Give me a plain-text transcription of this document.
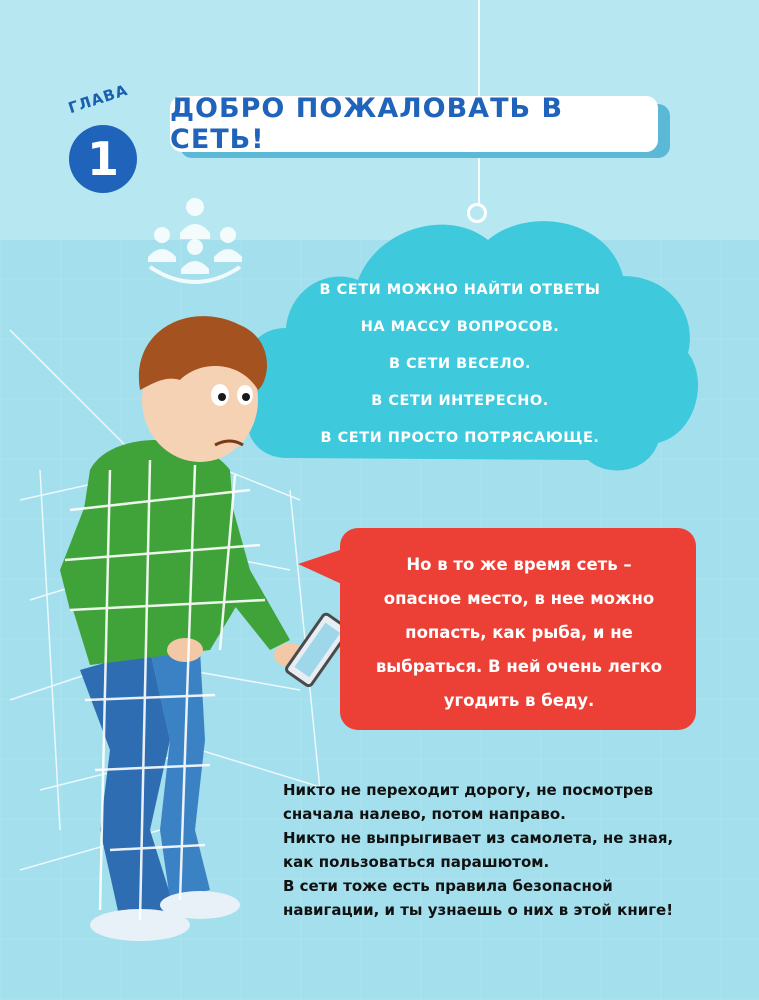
ГЛАВА
1
ДОБРО ПОЖАЛОВАТЬ В СЕТЬ!
В СЕТИ МОЖНО НАЙТИ ОТВЕТЫ
НА МАССУ ВОПРОСОВ.
В СЕТИ ВЕСЕЛО.
В СЕТИ ИНТЕРЕСНО.
В СЕТИ ПРОСТО ПОТРЯСАЮЩЕ.
Но в то же время сеть –
опасное место, в нее можно
попасть, как рыба, и не
выбраться. В ней очень легко
угодить в беду.
Никто не переходит дорогу, не посмотрев
сначала налево, потом направо.
Никто не выпрыгивает из самолета, не зная,
как пользоваться парашютом.
В сети тоже есть правила безопасной
навигации, и ты узнаешь о них в этой книге!
